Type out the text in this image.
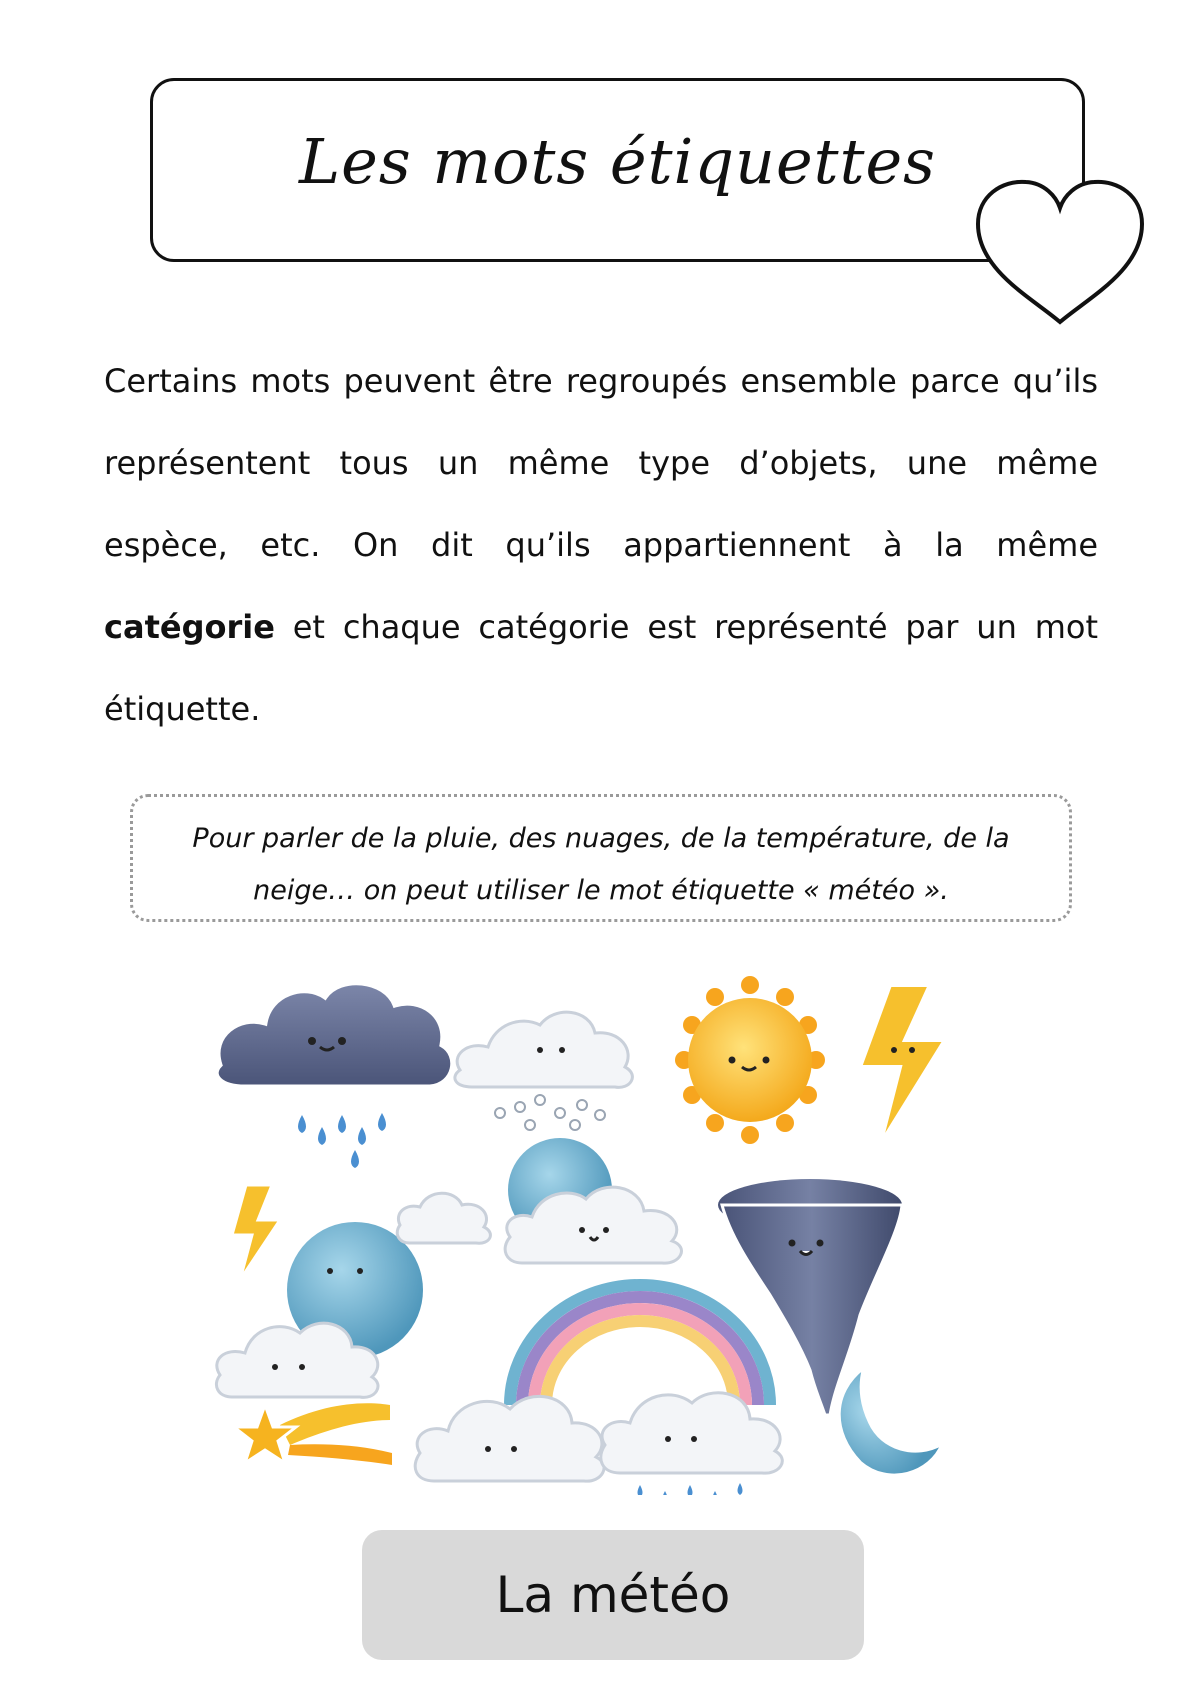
Les mots étiquettes
Certains mots peuvent être regroupés ensemble parce qu’ils représentent tous un même type d’objets, une même espèce, etc. On dit qu’ils appartiennent à la même catégorie et chaque catégorie est représenté par un mot étiquette.
Pour parler de la pluie, des nuages, de la température, de la neige… on peut utiliser le mot étiquette « météo ».
La météo
